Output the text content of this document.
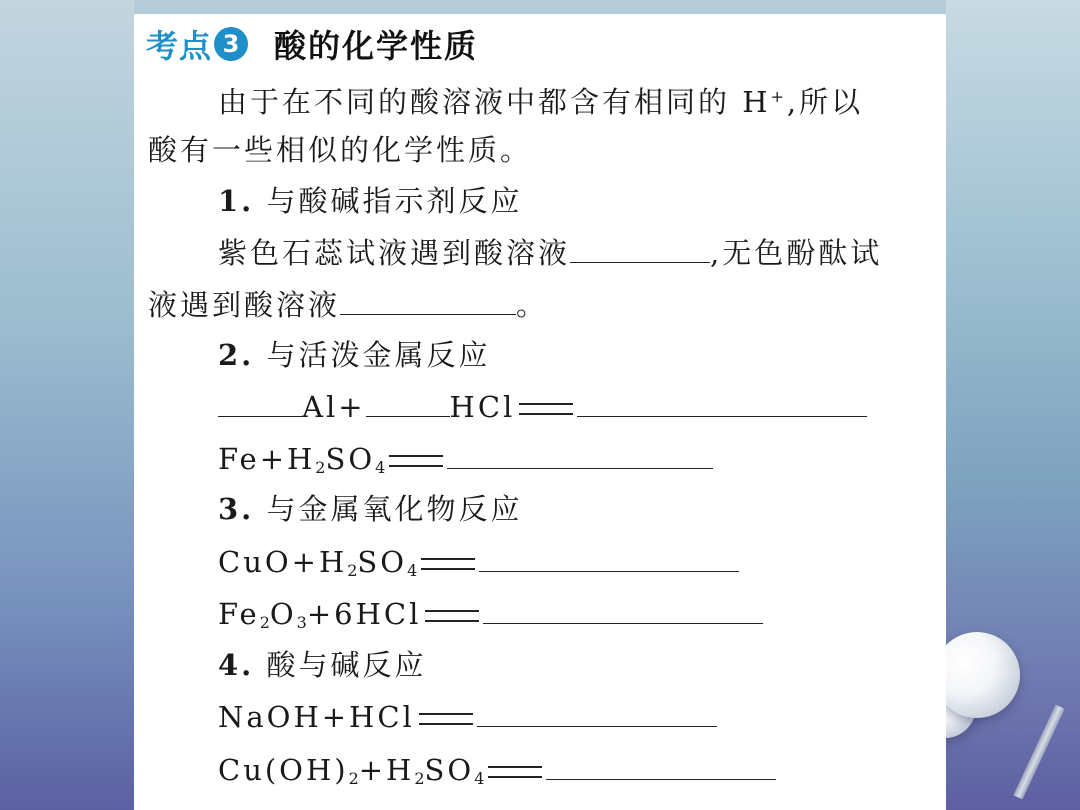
考点 3 酸的化学性质
由于在不同的酸溶液中都含有相同的 H+,所以
酸有一些相似的化学性质。
1. 与酸碱指示剂反应
紫色石蕊试液遇到酸溶液	,无色酚酞试
液遇到酸溶液	。
2. 与活泼金属反应
Al+	HCl
$Fe+H_2SO_4$
3. 与金属氧化物反应
$CuO+H_2SO_4$
$Fe_2O_3+6HCl$
4. 酸与碱反应
NaOH+HCl
$Cu(OH)_2+H_2SO_4$
